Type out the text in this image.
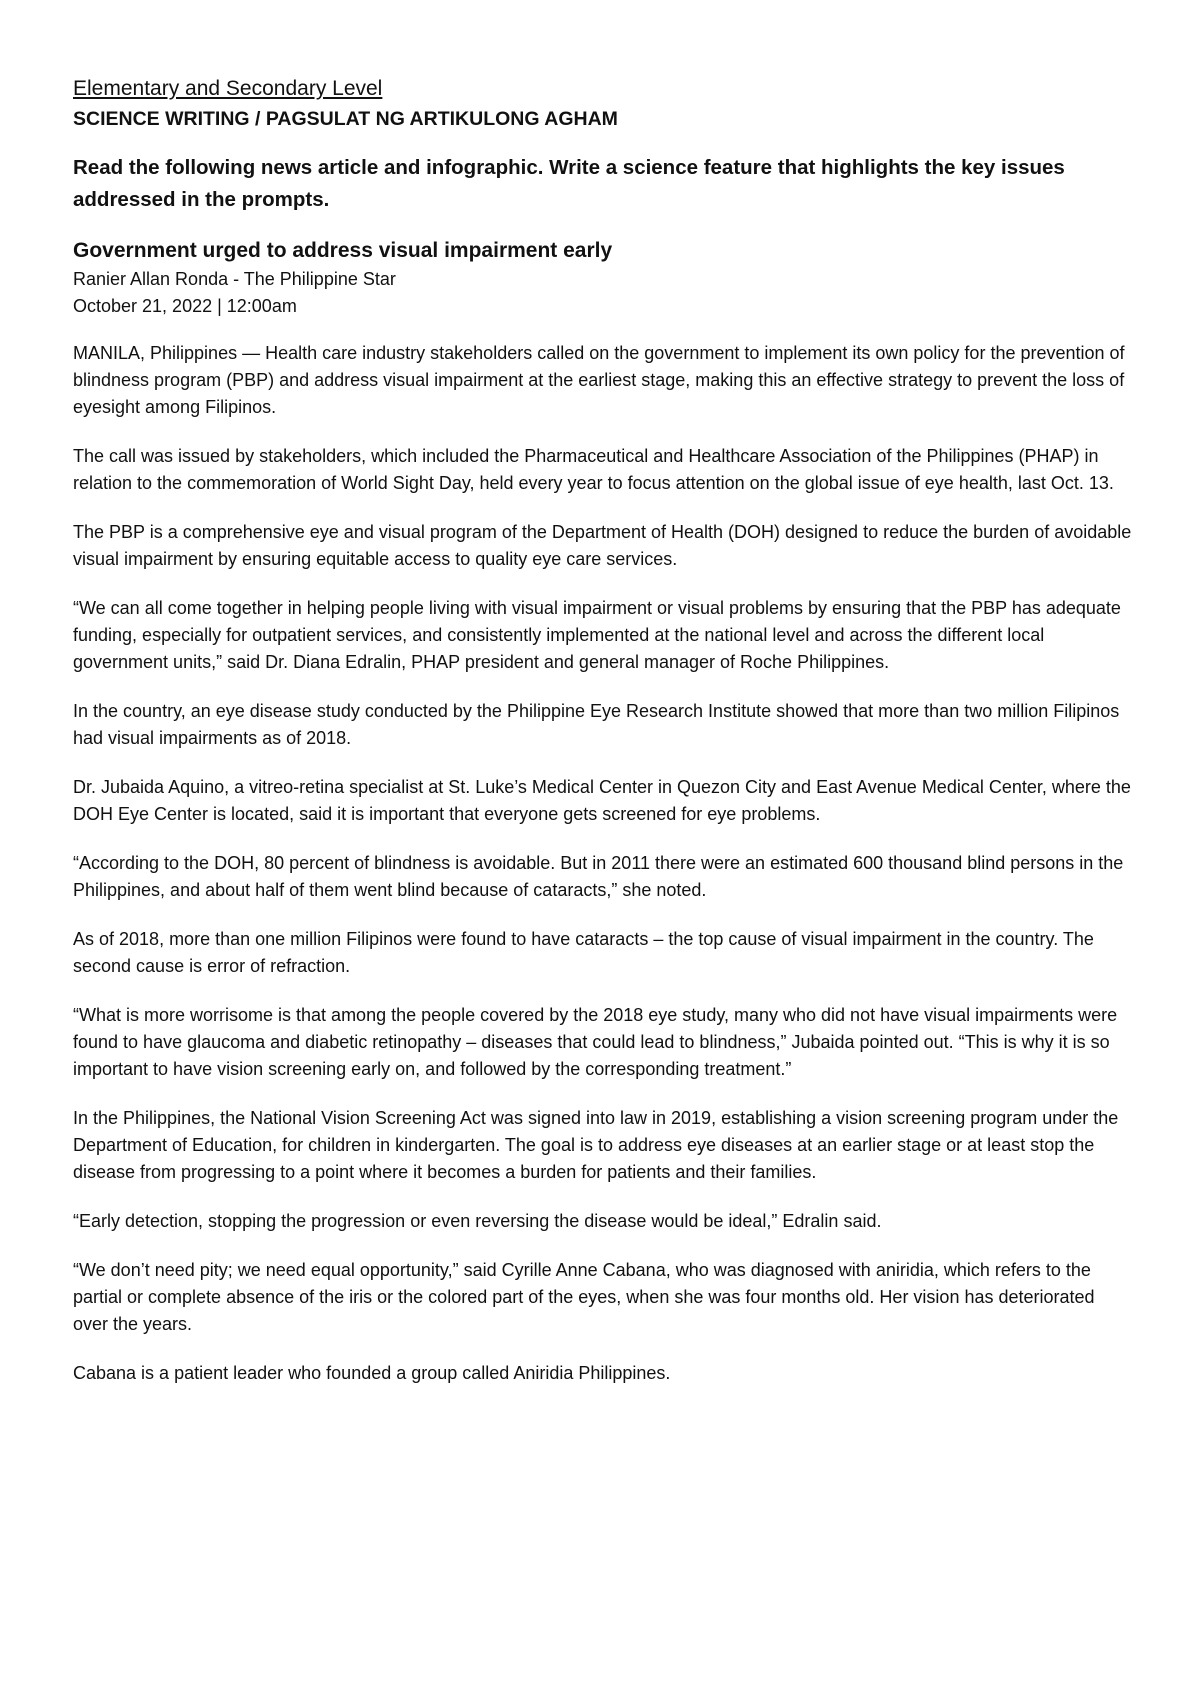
Elementary and Secondary Level

SCIENCE WRITING / PAGSULAT NG ARTIKULONG AGHAM

Read the following news article and infographic. Write a science feature that highlights the key issues addressed in the prompts.

Government urged to address visual impairment early

Ranier Allan Ronda - The Philippine Star

October 21, 2022 | 12:00am

MANILA, Philippines — Health care industry stakeholders called on the government to implement its own policy for the prevention of blindness program (PBP) and address visual impairment at the earliest stage, making this an effective strategy to prevent the loss of eyesight among Filipinos.

The call was issued by stakeholders, which included the Pharmaceutical and Healthcare Association of the Philippines (PHAP) in relation to the commemoration of World Sight Day, held every year to focus attention on the global issue of eye health, last Oct. 13.

The PBP is a comprehensive eye and visual program of the Department of Health (DOH) designed to reduce the burden of avoidable visual impairment by ensuring equitable access to quality eye care services.

“We can all come together in helping people living with visual impairment or visual problems by ensuring that the PBP has adequate funding, especially for outpatient services, and consistently implemented at the national level and across the different local government units,” said Dr. Diana Edralin, PHAP president and general manager of Roche Philippines.

In the country, an eye disease study conducted by the Philippine Eye Research Institute showed that more than two million Filipinos had visual impairments as of 2018.

Dr. Jubaida Aquino, a vitreo-retina specialist at St. Luke’s Medical Center in Quezon City and East Avenue Medical Center, where the DOH Eye Center is located, said it is important that everyone gets screened for eye problems.

“According to the DOH, 80 percent of blindness is avoidable. But in 2011 there were an estimated 600 thousand blind persons in the Philippines, and about half of them went blind because of cataracts,” she noted.

As of 2018, more than one million Filipinos were found to have cataracts – the top cause of visual impairment in the country. The second cause is error of refraction.

“What is more worrisome is that among the people covered by the 2018 eye study, many who did not have visual impairments were found to have glaucoma and diabetic retinopathy – diseases that could lead to blindness,” Jubaida pointed out. “This is why it is so important to have vision screening early on, and followed by the corresponding treatment.”

In the Philippines, the National Vision Screening Act was signed into law in 2019, establishing a vision screening program under the Department of Education, for children in kindergarten. The goal is to address eye diseases at an earlier stage or at least stop the disease from progressing to a point where it becomes a burden for patients and their families.

“Early detection, stopping the progression or even reversing the disease would be ideal,” Edralin said.

“We don’t need pity; we need equal opportunity,” said Cyrille Anne Cabana, who was diagnosed with aniridia, which refers to the partial or complete absence of the iris or the colored part of the eyes, when she was four months old. Her vision has deteriorated over the years.

Cabana is a patient leader who founded a group called Aniridia Philippines.
